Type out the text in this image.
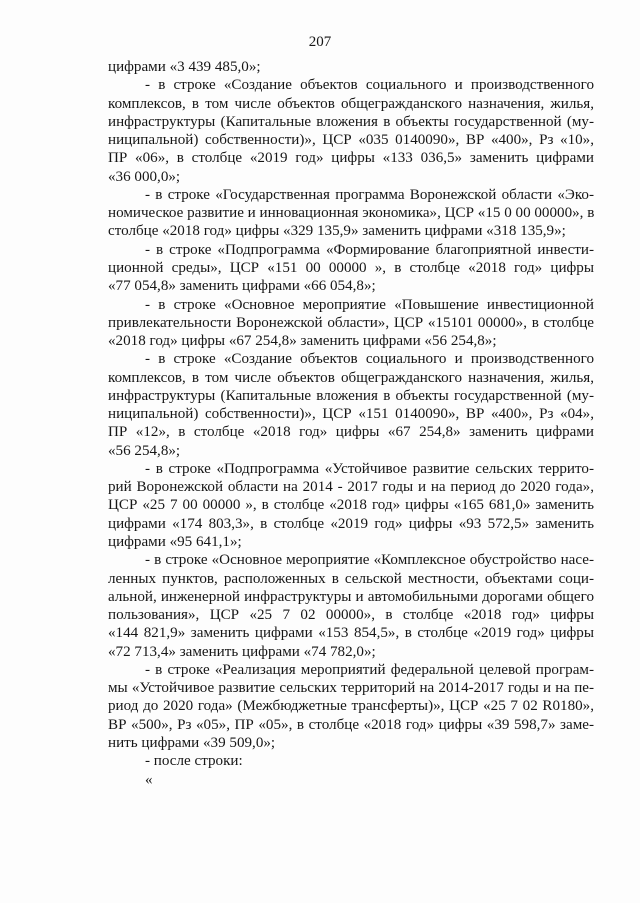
207
цифрами «3 439 485,0»;
- в строке «Создание объектов социального и производственного
комплексов, в том числе объектов общегражданского назначения, жилья,
инфраструктуры (Капитальные вложения в объекты государственной (му-
ниципальной) собственности)», ЦСР «035 0140090», ВР «400», Рз «10»,
ПР «06», в столбце «2019 год» цифры «133 036,5» заменить цифрами
«36 000,0»;
- в строке «Государственная программа Воронежской области «Эко-
номическое развитие и инновационная экономика», ЦСР «15 0 00 00000», в
столбце «2018 год» цифры «329 135,9» заменить цифрами «318 135,9»;
- в строке «Подпрограмма «Формирование благоприятной инвести-
ционной среды», ЦСР «151 00 00000 », в столбце «2018 год» цифры
«77 054,8» заменить цифрами «66 054,8»;
- в строке «Основное мероприятие «Повышение инвестиционной
привлекательности Воронежской области», ЦСР «15101 00000», в столбце
«2018 год» цифры «67 254,8» заменить цифрами «56 254,8»;
- в строке «Создание объектов социального и производственного
комплексов, в том числе объектов общегражданского назначения, жилья,
инфраструктуры (Капитальные вложения в объекты государственной (му-
ниципальной) собственности)», ЦСР «151 0140090», ВР «400», Рз «04»,
ПР «12», в столбце «2018 год» цифры «67 254,8» заменить цифрами
«56 254,8»;
- в строке «Подпрограмма «Устойчивое развитие сельских террито-
рий Воронежской области на 2014 - 2017 годы и на период до 2020 года»,
ЦСР «25 7 00 00000 », в столбце «2018 год» цифры «165 681,0» заменить
цифрами «174 803,3», в столбце «2019 год» цифры «93 572,5» заменить
цифрами «95 641,1»;
- в строке «Основное мероприятие «Комплексное обустройство насе-
ленных пунктов, расположенных в сельской местности, объектами соци-
альной, инженерной инфраструктуры и автомобильными дорогами общего
пользования», ЦСР «25 7 02 00000», в столбце «2018 год» цифры
«144 821,9» заменить цифрами «153 854,5», в столбце «2019 год» цифры
«72 713,4» заменить цифрами «74 782,0»;
- в строке «Реализация мероприятий федеральной целевой програм-
мы «Устойчивое развитие сельских территорий на 2014-2017 годы и на пе-
риод до 2020 года» (Межбюджетные трансферты)», ЦСР «25 7 02 R0180»,
ВР «500», Рз «05», ПР «05», в столбце «2018 год» цифры «39 598,7» заме-
нить цифрами «39 509,0»;
- после строки:
«
